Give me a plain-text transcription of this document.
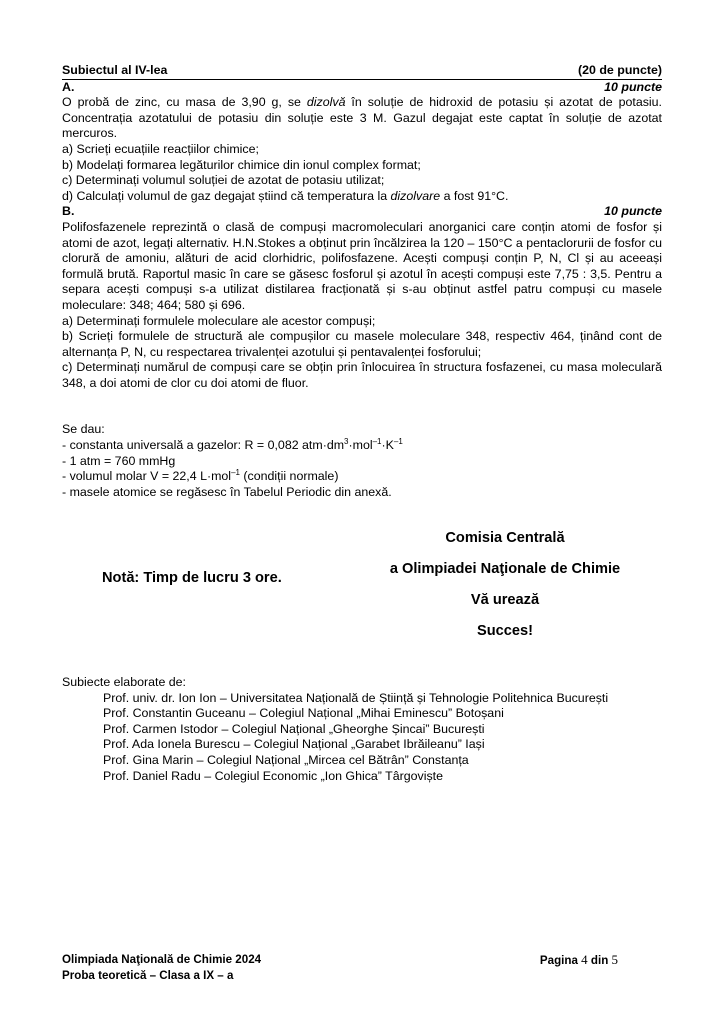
Subiectul al IV-lea	(20 de puncte)
A.	10 puncte

O probă de zinc, cu masa de 3,90 g, se dizolvă în soluție de hidroxid de potasiu și azotat de potasiu. Concentrația azotatului de potasiu din soluție este 3 M. Gazul degajat este captat în soluție de azotat mercuros.

a) Scrieți ecuațiile reacțiilor chimice;
b) Modelați formarea legăturilor chimice din ionul complex format;
c) Determinați volumul soluției de azotat de potasiu utilizat;
d) Calculați volumul de gaz degajat știind că temperatura la dizolvare a fost 91°C.
B.	10 puncte

Polifosfazenele reprezintă o clasă de compuși macromoleculari anorganici care conțin atomi de fosfor și atomi de azot, legați alternativ. H.N.Stokes a obținut prin încălzirea la 120 – 150°C a pentaclorurii de fosfor cu clorură de amoniu, alături de acid clorhidric, polifosfazene. Acești compuși conțin P, N, Cl și au aceeași formulă brută. Raportul masic în care se găsesc fosforul și azotul în acești compuși este 7,75 : 3,5. Pentru a separa acești compuși s-a utilizat distilarea fracționată și s-au obținut astfel patru compuși cu masele moleculare: 348; 464; 580 și 696.

a) Determinați formulele moleculare ale acestor compuși;

b) Scrieți formulele de structură ale compușilor cu masele moleculare 348, respectiv 464, ținând cont de alternanța P, N, cu respectarea trivalenței azotului și pentavalenței fosforului;

c) Determinați numărul de compuși care se obțin prin înlocuirea în structura fosfazenei, cu masa moleculară 348, a doi atomi de clor cu doi atomi de fluor.

Se dau:
- constanta universală a gazelor: R = 0,082 $atm\cdot dm^3\cdot mol^{-1}\cdot K^{-1}$
- 1 atm = 760 mmHg
- volumul molar V = 22,4 L·mol$^{-1}$ (condiții normale)
- masele atomice se regăsesc în Tabelul Periodic din anexă.
Comisia Centrală
a Olimpiadei Naţionale de Chimie
Vă urează
Succes!
Notă: Timp de lucru 3 ore.
Subiecte elaborate de:
Prof. univ. dr. Ion Ion – Universitatea Națională de Știință și Tehnologie Politehnica București
Prof. Constantin Guceanu – Colegiul Național „Mihai Eminescu” Botoșani
Prof. Carmen Istodor – Colegiul Național „Gheorghe Șincai” București
Prof. Ada Ionela Burescu – Colegiul Național „Garabet Ibrăileanu” Iași
Prof. Gina Marin – Colegiul Național „Mircea cel Bătrân” Constanța
Prof. Daniel Radu – Colegiul Economic „Ion Ghica” Târgoviște
Olimpiada Naţională de Chimie 2024	Pagina 4 din 5
Proba teoretică – Clasa a IX – a
